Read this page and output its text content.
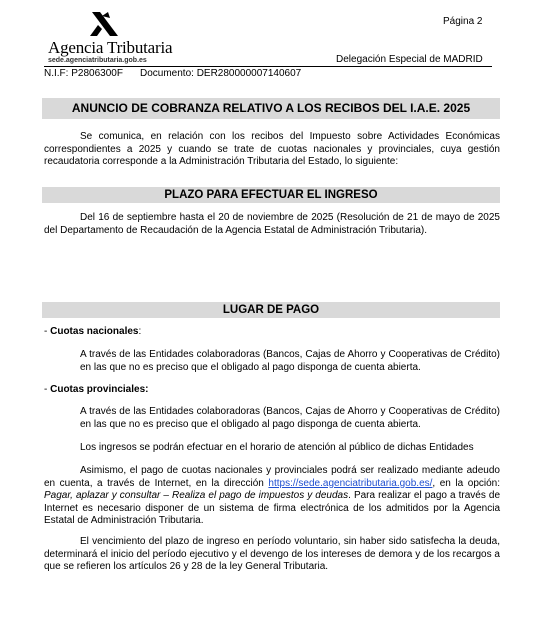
Agencia Tributaria
sede.agenciatributaria.gob.es
Página 2
Delegación Especial de MADRID
N.I.F: P2806300F Documento: DER280000007140607
ANUNCIO DE COBRANZA RELATIVO A LOS RECIBOS DEL I.A.E. 2025
Se comunica, en relación con los recibos del Impuesto sobre Actividades Económicas correspondientes a 2025 y cuando se trate de cuotas nacionales y provinciales, cuya gestión recaudatoria corresponde a la Administración Tributaria del Estado, lo siguiente:
PLAZO PARA EFECTUAR EL INGRESO
Del 16 de septiembre hasta el 20 de noviembre de 2025 (Resolución de 21 de mayo de 2025 del Departamento de Recaudación de la Agencia Estatal de Administración Tributaria).
LUGAR DE PAGO
- Cuotas nacionales:
A través de las Entidades colaboradoras (Bancos, Cajas de Ahorro y Cooperativas de Crédito) en las que no es preciso que el obligado al pago disponga de cuenta abierta.
- Cuotas provinciales:
A través de las Entidades colaboradoras (Bancos, Cajas de Ahorro y Cooperativas de Crédito) en las que no es preciso que el obligado al pago disponga de cuenta abierta.
Los ingresos se podrán efectuar en el horario de atención al público de dichas Entidades
Asimismo, el pago de cuotas nacionales y provinciales podrá ser realizado mediante adeudo en cuenta, a través de Internet, en la dirección https://sede.agenciatributaria.gob.es/, en la opción: Pagar, aplazar y consultar – Realiza el pago de impuestos y deudas. Para realizar el pago a través de Internet es necesario disponer de un sistema de firma electrónica de los admitidos por la Agencia Estatal de Administración Tributaria.
El vencimiento del plazo de ingreso en período voluntario, sin haber sido satisfecha la deuda, determinará el inicio del período ejecutivo y el devengo de los intereses de demora y de los recargos a que se refieren los artículos 26 y 28 de la ley General Tributaria.
